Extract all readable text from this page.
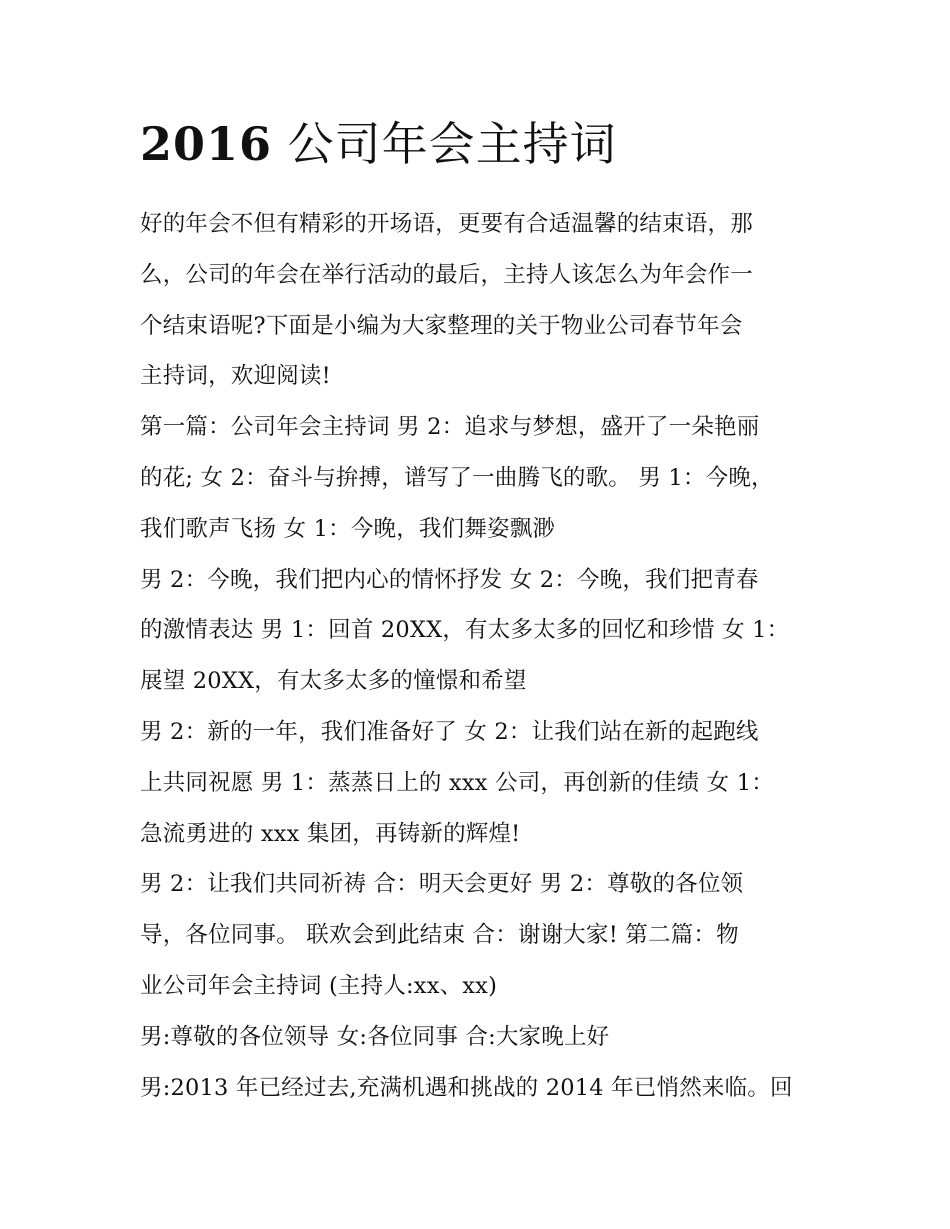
2016 公司年会主持词
好的年会不但有精彩的开场语，更要有合适温馨的结束语，那
么，公司的年会在举行活动的最后，主持人该怎么为年会作一
个结束语呢?下面是小编为大家整理的关于物业公司春节年会
主持词，欢迎阅读!
第一篇：公司年会主持词 男 2：追求与梦想，盛开了一朵艳丽
的花; 女 2：奋斗与拚搏，谱写了一曲腾飞的歌。 男 1：今晚，
我们歌声飞扬 女 1：今晚，我们舞姿飘渺
男 2：今晚，我们把内心的情怀抒发 女 2：今晚，我们把青春
的激情表达 男 1：回首 20XX，有太多太多的回忆和珍惜 女 1：
展望 20XX，有太多太多的憧憬和希望
男 2：新的一年，我们准备好了 女 2：让我们站在新的起跑线
上共同祝愿 男 1：蒸蒸日上的 xxx 公司，再创新的佳绩 女 1：
急流勇进的 xxx 集团，再铸新的辉煌!
男 2：让我们共同祈祷 合：明天会更好 男 2：尊敬的各位领
导，各位同事。 联欢会到此结束 合：谢谢大家! 第二篇：物
业公司年会主持词 (主持人:xx、xx)
男:尊敬的各位领导 女:各位同事 合:大家晚上好
男:2013 年已经过去,充满机遇和挑战的 2014 年已悄然来临。回
